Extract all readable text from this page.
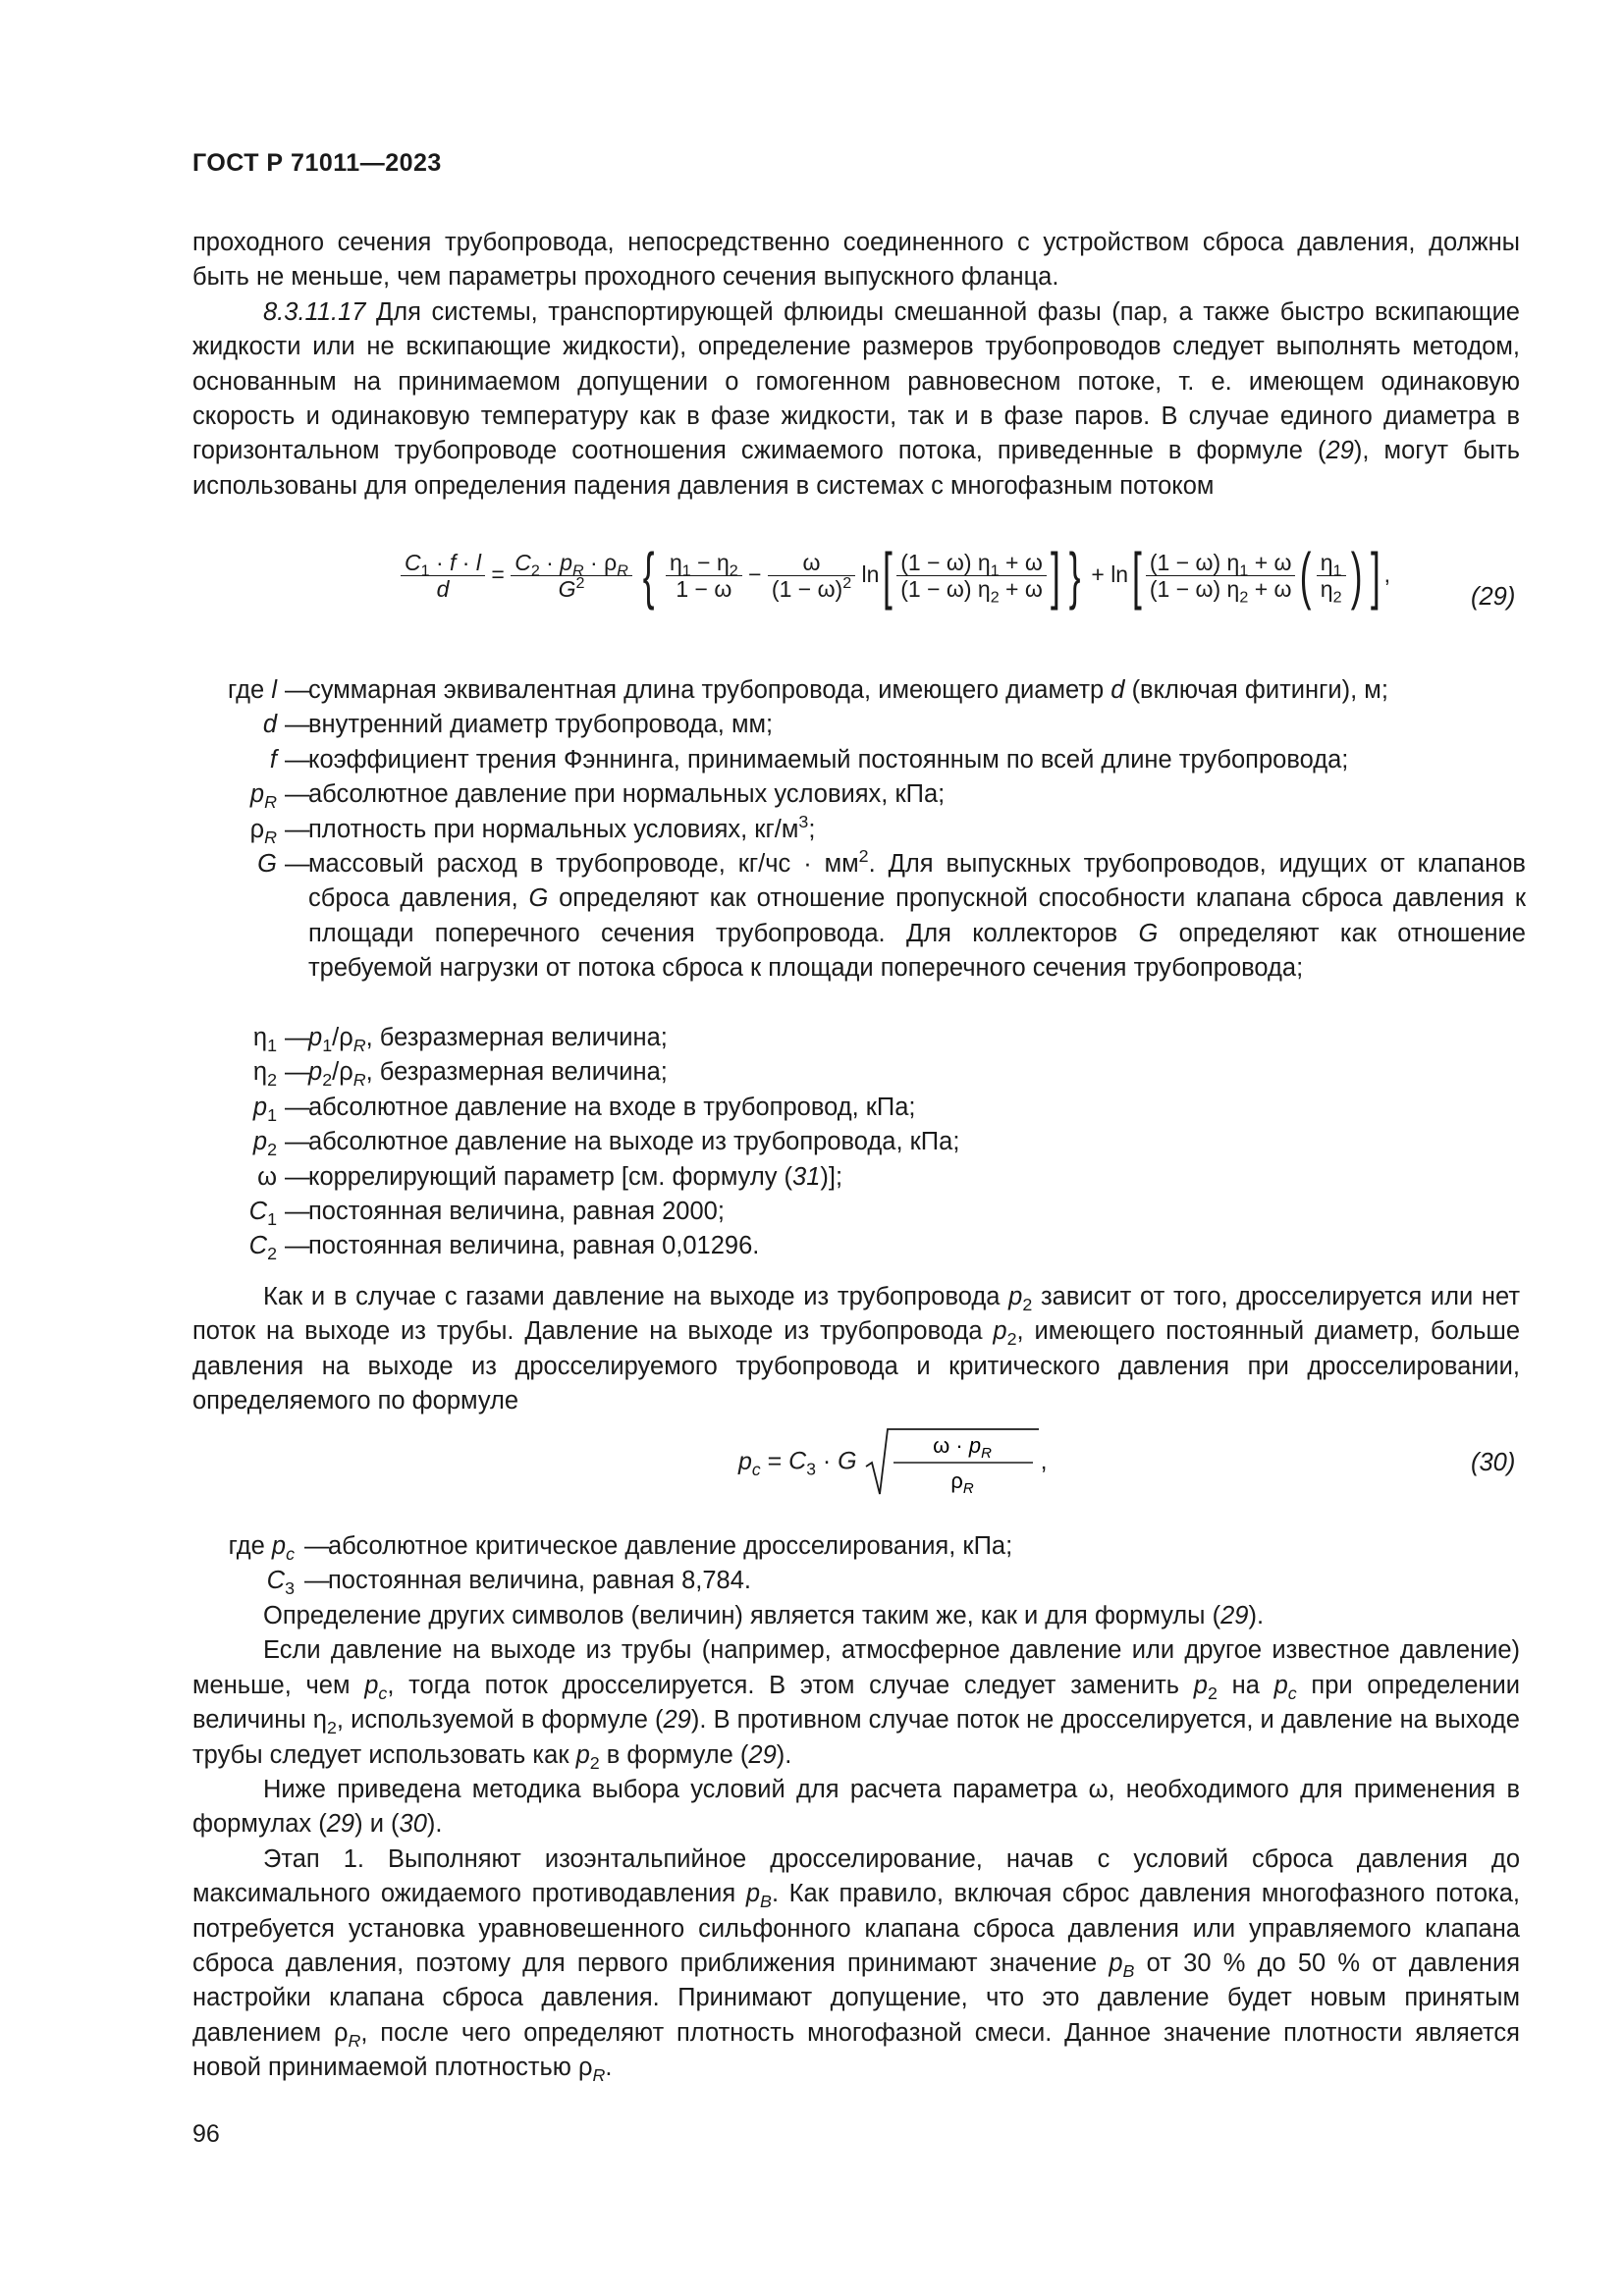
ГОСТ Р 71011—2023

проходного сечения трубопровода, непосредственно соединенного с устройством сброса давления, должны быть не меньше, чем параметры проходного сечения выпускного фланца.

8.3.11.17 Для системы, транспортирующей флюиды смешанной фазы (пар, а также быстро вскипающие жидкости или не вскипающие жидкости), определение размеров трубопроводов следует выполнять методом, основанным на принимаемом допущении о гомогенном равновесном потоке, т. е. имеющем одинаковую скорость и одинаковую температуру как в фазе жидкости, так и в фазе паров. В случае единого диаметра в горизонтальном трубопроводе соотношения сжимаемого потока, приведенные в формуле (29), могут быть использованы для определения падения давления в системах с многофазным потоком

$\frac{C_1 \cdot f \cdot l}{d} = \frac{C_2 \cdot p_R \cdot \rho_R}{G^2}$ { $\frac{\eta_1 - \eta_2}{1 - \omega} - \frac{\omega}{(1 - \omega)^2} \ln[ \frac{(1 - \omega) \eta_1 + \omega}{(1 - \omega) \eta_2 + \omega}$ ] } + $\ln[ \frac{(1 - \omega) \eta_1 + \omega}{(1 - \omega) \eta_2 + \omega}$ ( $\frac{\eta_1}{\eta_2}$ ) ] ,
(29)
где l —
суммарная эквивалентная длина трубопровода, имеющего диаметр d (включая фитинги), м;
d —
внутренний диаметр трубопровода, мм;
f —
коэффициент трения Фэннинга, принимаемый постоянным по всей длине трубопровода;
$p_R$ —
абсолютное давление при нормальных условиях, кПа;
$\rho_R$ —
плотность при нормальных условиях, $кг/м^3$;
G —
массовый расход в трубопроводе, $кг/чс \cdot мм^2$. Для выпускных трубопроводов, идущих от клапанов сброса давления, G определяют как отношение пропускной способности клапана сброса давления к площади поперечного сечения трубопровода. Для коллекторов G определяют как отношение требуемой нагрузки от потока сброса к площади поперечного сечения трубопровода;
$\eta_1$ —
$p_1/\rho_R$, безразмерная величина;
$\eta_2$ —
$p_2/\rho_R$, безразмерная величина;
$p_1$ —
абсолютное давление на входе в трубопровод, кПа;
$p_2$ —
абсолютное давление на выходе из трубопровода, кПа;
ω —
коррелирующий параметр [см. формулу (31)];
$C_1$ —
постоянная величина, равная 2000;
$C_2$ —
постоянная величина, равная 0,01296.

Как и в случае с газами давление на выходе из трубопровода $p_2$ зависит от того, дросселируется или нет поток на выходе из трубы. Давление на выходе из трубопровода $p_2$, имеющего постоянный диаметр, больше давления на выходе из дросселируемого трубопровода и критического давления при дросселировании, определяемого по формуле

$p_c = C_3 \cdot G$
$\omega \cdot p_R$
$\rho_R$
,	(30)
где $p_c$ —
абсолютное критическое давление дросселирования, кПа;
$C_3$ —
постоянная величина, равная 8,784.

Определение других символов (величин) является таким же, как и для формулы (29).

Если давление на выходе из трубы (например, атмосферное давление или другое известное давление) меньше, чем $p_c$, тогда поток дросселируется. В этом случае следует заменить $p_2$ на $p_c$ при определении величины $\eta_2$, используемой в формуле (29). В противном случае поток не дросселируется, и давление на выходе трубы следует использовать как $p_2$ в формуле (29).

Ниже приведена методика выбора условий для расчета параметра ω, необходимого для применения в формулах (29) и (30).

Этап 1. Выполняют изоэнтальпийное дросселирование, начав с условий сброса давления до максимального ожидаемого противодавления $p_B$. Как правило, включая сброс давления многофазного потока, потребуется установка уравновешенного сильфонного клапана сброса давления или управляемого клапана сброса давления, поэтому для первого приближения принимают значение $p_B$ от 30 % до 50 % от давления настройки клапана сброса давления. Принимают допущение, что это давление будет новым принятым давлением $\rho_R$, после чего определяют плотность многофазной смеси. Данное значение плотности является новой принимаемой плотностью $\rho_R$.

96
